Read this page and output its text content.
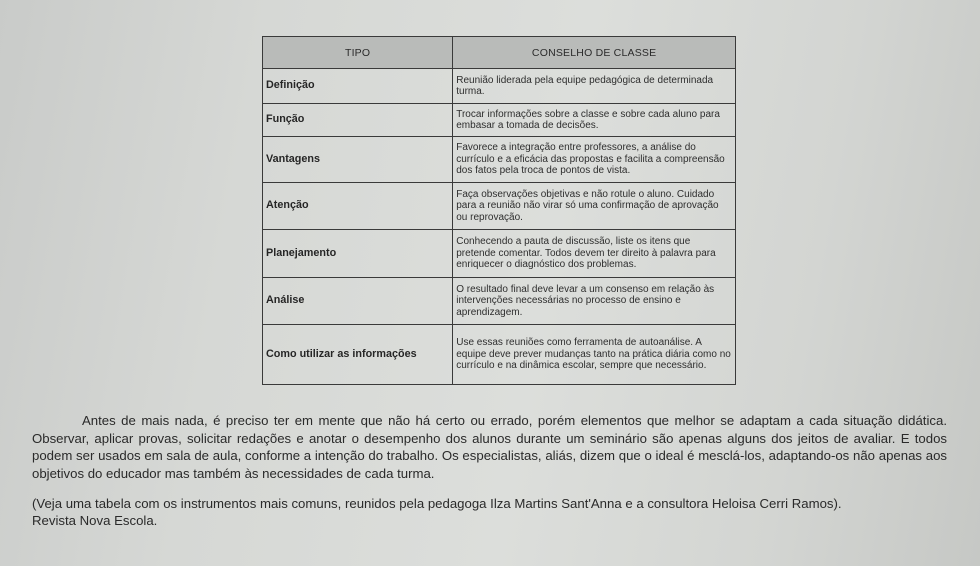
TIPO	CONSELHO DE CLASSE
Definição	Reunião liderada pela equipe pedagógica de determinada turma.
Função	Trocar informações sobre a classe e sobre cada aluno para embasar a tomada de decisões.
Vantagens	Favorece a integração entre professores, a análise do currículo e a eficácia das propostas e facilita a compreensão dos fatos pela troca de pontos de vista.
Atenção	Faça observações objetivas e não rotule o aluno. Cuidado para a reunião não virar só uma confirmação de aprovação ou reprovação.
Planejamento	Conhecendo a pauta de discussão, liste os itens que pretende comentar. Todos devem ter direito à palavra para enriquecer o diagnóstico dos problemas.
Análise	O resultado final deve levar a um consenso em relação às intervenções necessárias no processo de ensino e aprendizagem.
Como utilizar as informações	Use essas reuniões como ferramenta de autoanálise. A equipe deve prever mudanças tanto na prática diária como no currículo e na dinâmica escolar, sempre que necessário.

Antes de mais nada, é preciso ter em mente que não há certo ou errado, porém elementos que melhor se adaptam a cada situação didática. Observar, aplicar provas, solicitar redações e anotar o desempenho dos alunos durante um seminário são apenas alguns dos jeitos de avaliar. E todos podem ser usados em sala de aula, conforme a intenção do trabalho. Os especialistas, aliás, dizem que o ideal é mesclá-los, adaptando-os não apenas aos objetivos do educador mas também às necessidades de cada turma.

(Veja uma tabela com os instrumentos mais comuns, reunidos pela pedagoga Ilza Martins Sant'Anna e a consultora Heloisa Cerri Ramos).

Revista Nova Escola.
